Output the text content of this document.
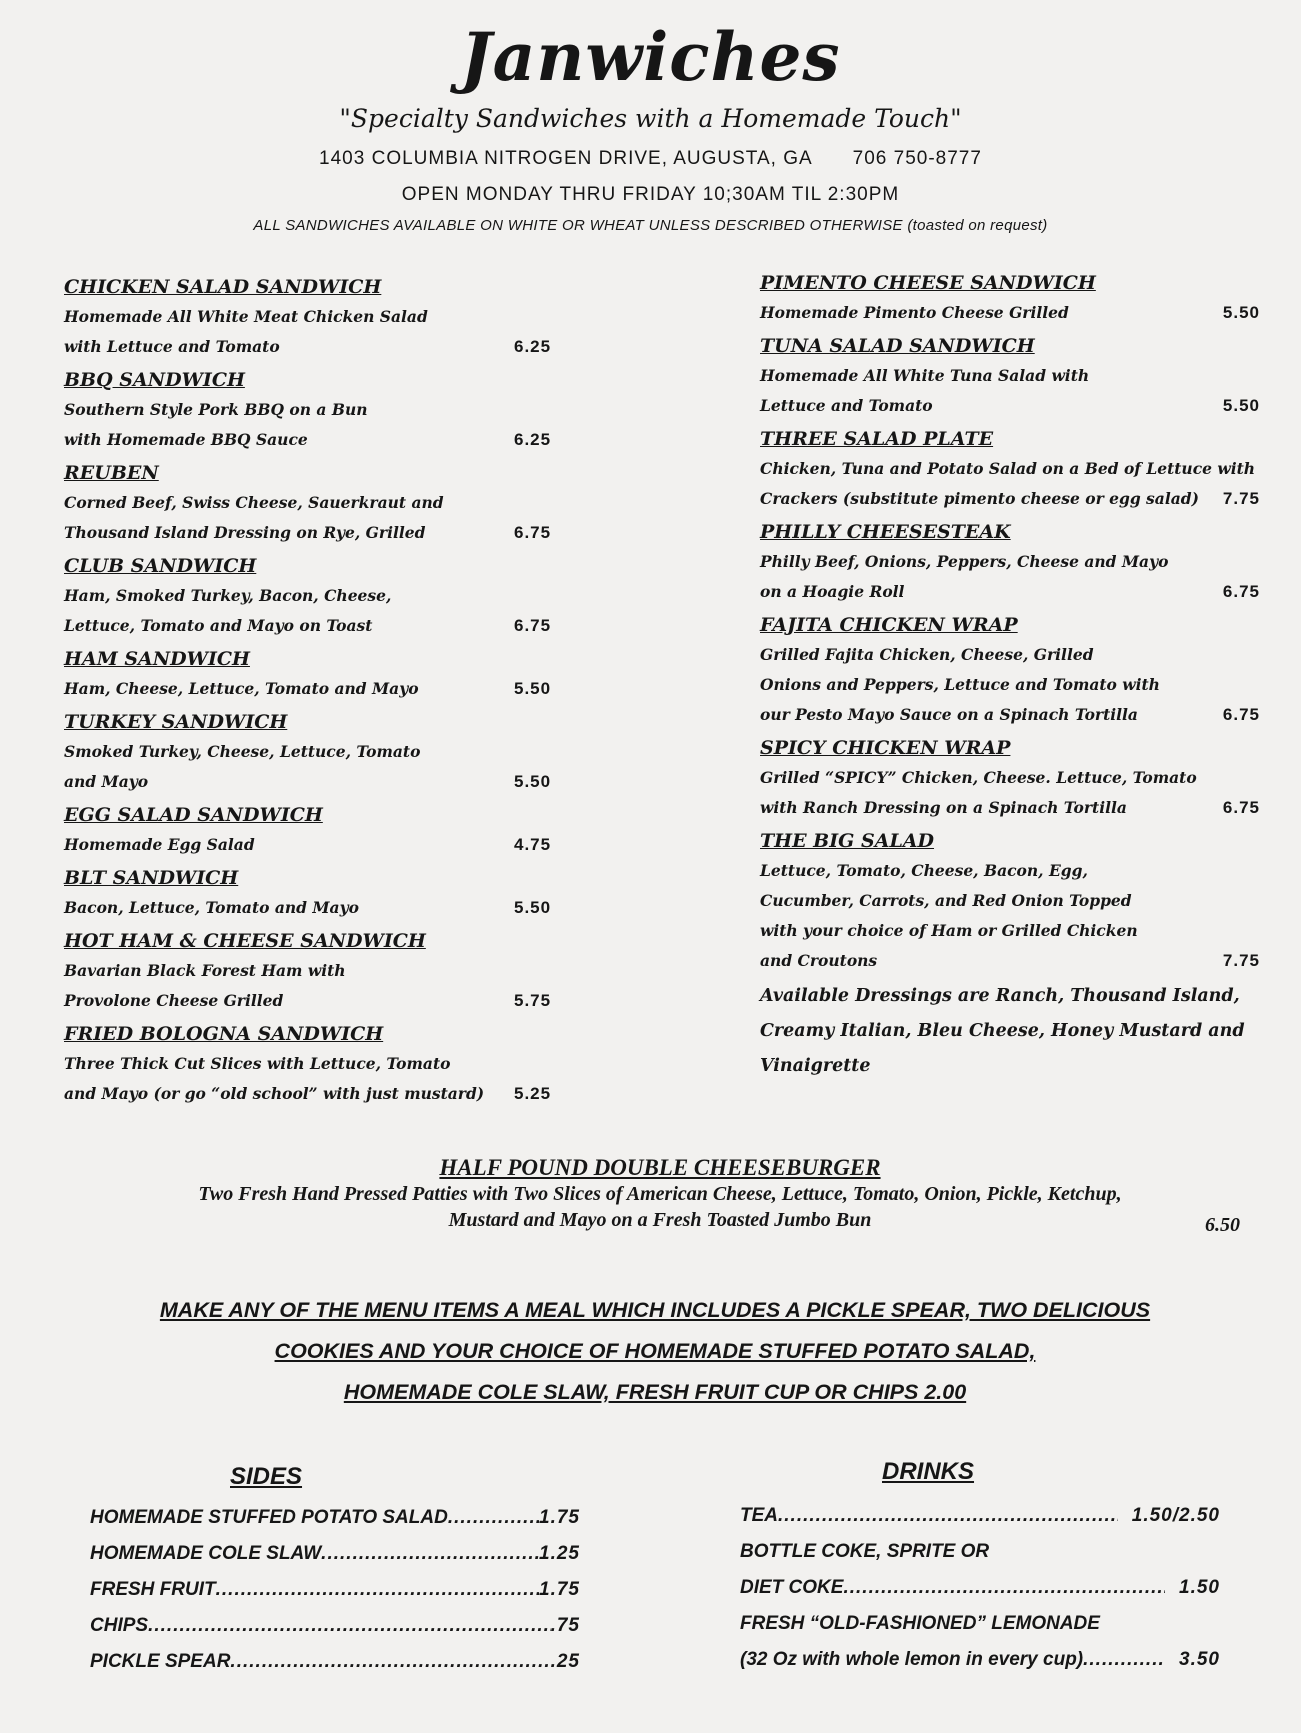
Janwiches
"Specialty Sandwiches with a Homemade Touch"
1403 COLUMBIA NITROGEN DRIVE, AUGUSTA, GA 706 750-8777
OPEN MONDAY THRU FRIDAY 10;30AM TIL 2:30PM
ALL SANDWICHES AVAILABLE ON WHITE OR WHEAT UNLESS DESCRIBED OTHERWISE (toasted on request)
CHICKEN SALAD SANDWICH
Homemade All White Meat Chicken Salad
with Lettuce and Tomato	6.25
BBQ SANDWICH
Southern Style Pork BBQ on a Bun
with Homemade BBQ Sauce	6.25
REUBEN
Corned Beef, Swiss Cheese, Sauerkraut and
Thousand Island Dressing on Rye, Grilled	6.75
CLUB SANDWICH
Ham, Smoked Turkey, Bacon, Cheese,
Lettuce, Tomato and Mayo on Toast	6.75
HAM SANDWICH
Ham, Cheese, Lettuce, Tomato and Mayo	5.50
TURKEY SANDWICH
Smoked Turkey, Cheese, Lettuce, Tomato
and Mayo	5.50
EGG SALAD SANDWICH
Homemade Egg Salad	4.75
BLT SANDWICH
Bacon, Lettuce, Tomato and Mayo	5.50
HOT HAM & CHEESE SANDWICH
Bavarian Black Forest Ham with
Provolone Cheese Grilled	5.75
FRIED BOLOGNA SANDWICH
Three Thick Cut Slices with Lettuce, Tomato
and Mayo (or go “old school” with just mustard)	5.25
PIMENTO CHEESE SANDWICH
Homemade Pimento Cheese Grilled	5.50
TUNA SALAD SANDWICH
Homemade All White Tuna Salad with
Lettuce and Tomato	5.50
THREE SALAD PLATE
Chicken, Tuna and Potato Salad on a Bed of Lettuce with
Crackers (substitute pimento cheese or egg salad)	7.75
PHILLY CHEESESTEAK
Philly Beef, Onions, Peppers, Cheese and Mayo
on a Hoagie Roll	6.75
FAJITA CHICKEN WRAP
Grilled Fajita Chicken, Cheese, Grilled
Onions and Peppers, Lettuce and Tomato with
our Pesto Mayo Sauce on a Spinach Tortilla	6.75
SPICY CHICKEN WRAP
Grilled “SPICY” Chicken, Cheese. Lettuce, Tomato
with Ranch Dressing on a Spinach Tortilla	6.75
THE BIG SALAD
Lettuce, Tomato, Cheese, Bacon, Egg,
Cucumber, Carrots, and Red Onion Topped
with your choice of Ham or Grilled Chicken
and Croutons	7.75
Available Dressings are Ranch, Thousand Island,
Creamy Italian, Bleu Cheese, Honey Mustard and
Vinaigrette
HALF POUND DOUBLE CHEESEBURGER
Two Fresh Hand Pressed Patties with Two Slices of American Cheese, Lettuce, Tomato, Onion, Pickle, Ketchup,
Mustard and Mayo on a Fresh Toasted Jumbo Bun	6.50
MAKE ANY OF THE MENU ITEMS A MEAL WHICH INCLUDES A PICKLE SPEAR, TWO DELICIOUS
COOKIES AND YOUR CHOICE OF HOMEMADE STUFFED POTATO SALAD,
HOMEMADE COLE SLAW, FRESH FRUIT CUP OR CHIPS 2.00
SIDES
HOMEMADE STUFFED POTATO SALAD .....	1.75
HOMEMADE COLE SLAW .....	1.25
FRESH FRUIT .....	1.75
CHIPS .....	.75
PICKLE SPEAR .....	.25
DRINKS
TEA .....	1.50/2.50
BOTTLE COKE, SPRITE OR
DIET COKE .....	1.50
FRESH “OLD-FASHIONED” LEMONADE
(32 Oz with whole lemon in every cup) .....	3.50
